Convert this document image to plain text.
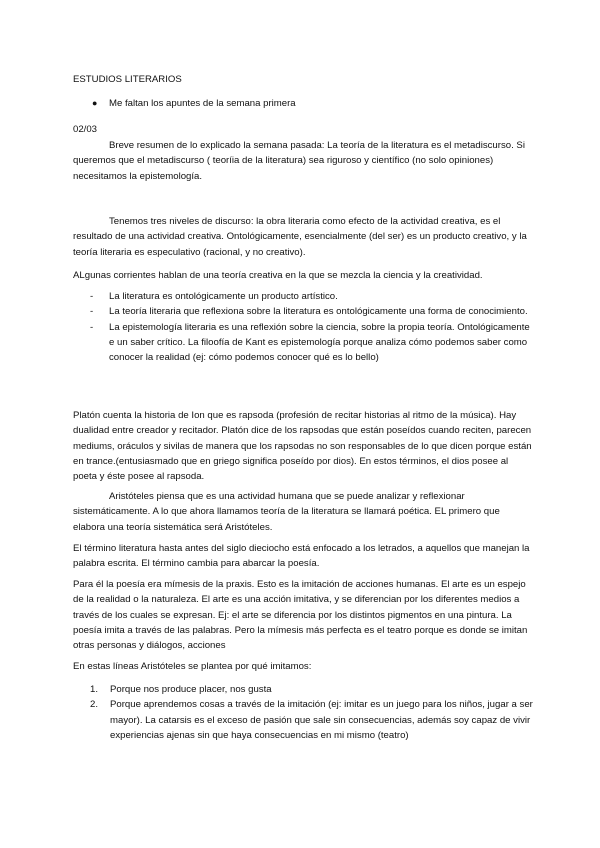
ESTUDIOS LITERARIOS
● Me faltan los apuntes de la semana primera
02/03

Breve resumen de lo explicado la semana pasada: La teoría de la literatura es el metadiscurso. Si queremos que el metadiscurso ( teoríia de la literatura) sea riguroso y científico (no solo opiniones) necesitamos la epistemología.

Tenemos tres niveles de discurso: la obra literaria como efecto de la actividad creativa, es el resultado de una actividad creativa. Ontológicamente, esencialmente (del ser) es un producto creativo, y la teoría literaria es especulativo (racional, y no creativo).

ALgunas corrientes hablan de una teoría creativa en la que se mezcla la ciencia y la creatividad.

- La literatura es ontológicamente un producto artístico.
- La teoría literaria que reflexiona sobre la literatura es ontológicamente una forma de conocimiento.
- La epistemología literaria es una reflexión sobre la ciencia, sobre la propia teoría. Ontológicamente e un saber crítico. La filoofía de Kant es epistemología porque analiza cómo podemos saber como conocer la realidad (ej: cómo podemos conocer qué es lo bello)

Platón cuenta la historia de Ion que es rapsoda (profesión de recitar historias al ritmo de la música). Hay dualidad entre creador y recitador. Platón dice de los rapsodas que están poseídos cuando reciten, parecen mediums, oráculos y sivilas de manera que los rapsodas no son responsables de lo que dicen porque están en trance.(entusiasmado que en griego significa poseído por dios). En estos términos, el dios posee al poeta y éste posee al rapsoda.

Aristóteles piensa que es una actividad humana que se puede analizar y reflexionar sistemáticamente. A lo que ahora llamamos teoría de la literatura se llamará poética. EL primero que elabora una teoría sistemática será Aristóteles.

El término literatura hasta antes del siglo dieciocho está enfocado a los letrados, a aquellos que manejan la palabra escrita. El término cambia para abarcar la poesía.

Para él la poesía era mímesis de la praxis. Esto es la imitación de acciones humanas. El arte es un espejo de la realidad o la naturaleza. El arte es una acción imitativa, y se diferencian por los diferentes medios a través de los cuales se expresan. Ej: el arte se diferencia por los distintos pigmentos en una pintura. La poesía imita a través de las palabras. Pero la mímesis más perfecta es el teatro porque es donde se imitan otras personas y diálogos, acciones

En estas líneas Aristóteles se plantea por qué imitamos:

1. Porque nos produce placer, nos gusta
2. Porque aprendemos cosas a través de la imitación (ej: imitar es un juego para los niños, jugar a ser mayor). La catarsis es el exceso de pasión que sale sin consecuencias, además soy capaz de vivir experiencias ajenas sin que haya consecuencias en mi mismo (teatro)
